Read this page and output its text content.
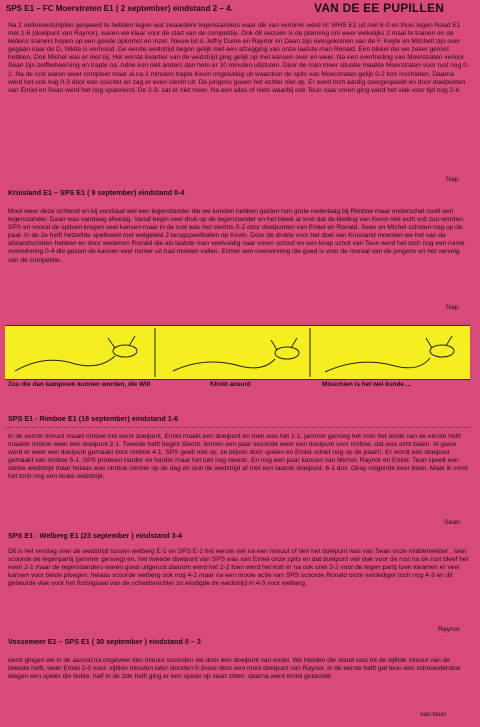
SPS E1 – FC Moerstreten E1 ( 2 september) eindstand 2 – 4.	VAN DE EE PUPILLEN
Na 2 oefenwedstrijden gespeeld te hebben tegen wat zwaardere tegenstanders waar dik van verloren werd nl: WHS E2 uit met 6-0 en thuis tegen Noad E1 met 1-6 (doelpunt van Raynor), waren we klaar voor de start van de competitie. Ook dit seizoen is de planning om weer wekelijks 2 maal te trainen en de leiders/ trainers hopen op een goede opkomst en inzet. Nieuw lid is Jeffry Duine en Raynor en Daan zijn overgekomen van de F. Keyle en Mitchell zijn over gegaan naar de D, Nikita is verhuisd. De eerste wedstrijd begon gelijk met een afzegging van onze laatste man Ronald. Een bikkel die we zeker gemist hebben. Ook Michel was er niet bij. Het eerste kwartier van de wedstrijd ging gelijk op met kansen over en weer. Na een overtreding van Moerstraten verloor Sean zijn zelfbeheersing en trapte na. Adrie kon niet anders dan hem er 10 minuten uitsturen. Door de man meer situatie maakte Moerstraten voor rust nog 0-1. Na de rust waren weer compleet maar al na 2 minuten trapte Kevin ongelukkig uit waardoor de spits van Moerstraten gelijk 0-2 kon inschieten. Daarna werd het ook nog 0-3 door een counter en zag er even slecht uit. De jongens gaven het echter niet op. Er werd toch aardig overgespeeld en door doelpunten van Emiel en Sean werd het nog spannend. De 3-3- zat er niet meer. Na een alles of niets waarbij ook Teun naar voren ging werd het vlak voor tijd nog 2-4.
Nap
Kruisland E1 – SPS E1 ( 9 september) eindstand 0-4
Mooi weer deze ochtend en bij voorbaat wel een tegenstander die we konden hebben gezien hun grote nederlaag bij Rimboe maar onderschat nooit een tegenstander. Daan was vandaag afwezig. Vanaf begin veel druk op de tegenstander en het bleek al snel dat de kleding van Kevin niet echt vuil zou worden. SPS en vooral de spitsen kregen veel kansen maar in de rust was het slechts 0-2 door doelpunten van Emiel en Ronald. Sean en Michel schoten nog op de paal. In de 2e helft hetzelfde spelbeeld met welgeteld 2 terugspeelballen op Kevin. Door de drukte voor het doel van Kruisland moesten we het van de afstandschoten hebben en door wederom Ronald die als laatste man veelvuldig naar voren schoof en een knap schot van Teun werd het toch nog een ruime overwinning 0-4 die gezien de kansen veel ruimer uit had moeten vallen. Echter een overwinning die goed is voor de moraal van de jongens en het vervolg van de competitie.
Nap
Zou die dan kampioen kunnen worden, die Will	Klinkt absurd	Misschien is het wel kunde....
SPS E1 - Rimboe E1 (16 september) eindstand 1-6
In de eerste minuut maakt rimboe het eerst doelpunt. Emiel maakt een doelpunt en toen was het 1-1, jammer genoeg het voor het einde van de eerste helft maakte rimboe weer een doelpunt 2-1. Tweede helft begint Slecht, binnen een paar seconde weer een doelpunt voor rimboe, dat was echt balen. Al gauw word er weer een doelpunt gemaakt door rimboe 4-1. SPS geeft niet op, ze blijven door spelen en Emiel schiet nog op de paal!!!. Er wordt een doelpunt gemaakt van rimboe 5-1. SPS probeert harder en harder maar het lukt nog steeds. En nog een paar kansen van Michel, Raynor en Emiel. Teun speelt een sterke wedstrijd maar helaas was rimboe sterker op de dag en sluit de wedstrijd af met een laatste doelpunt. 6-1 dus. Okay volgende keer beter. Maar ik vond het toch nog een leuke wedstrijd.
Sean
SPS E1 - Welberg E1 (23 september ) eindstand 3-4
Dit is het verslag over de wedstrijd tussen welberg E-1 en SPS E-1 het eerste viel na een minuut of tien het doelpunt was van Sean onze middenvelder , toen scoorde de tegenpartij (jammer genoeg) en, het tweede doelpunt van SPS was van Emiel onze spits en dat doelpunt viel vlak voor de rust na de rust bleef het even 2-1 maar de tegenstanders waren goed uitgerust daarom werd het 2-2 toen werd het kort er na ook snel 3-2 voor de tegen partij toen kwamen er veel kansen voor beide ploegen. helaas scoorde welberg ook nog 4-2 maar na een mooie actie van SPS scoorde Ronald onze verdediger toch nog 4-3 en dit gebeurde vlak voor het fluitsignaal van de scheidsrechter zo eindigde de wedstrijd in 4-3 voor welberg.
Raynor
Vossemeer E1 – SPS E1 ( 30 september ) eindstand 0 – 3
eerst gingen we in de aanval,na ongeveer tien minuut scoorden we door een doelpunt van emiel. We hielden die stand vast tot de vijftide minuut van de tweede helft, weer Emiel 2-0 voor. vijftien minuten later stonden 0-3voor door een mooi doelpunt van Raynor. in de eerste helft gaf teun een schouwderduw teegen een speler die bukte. half in de 2de helft ging er een speler op sean zitten. daarna werd emiel getackelt.
van teun
